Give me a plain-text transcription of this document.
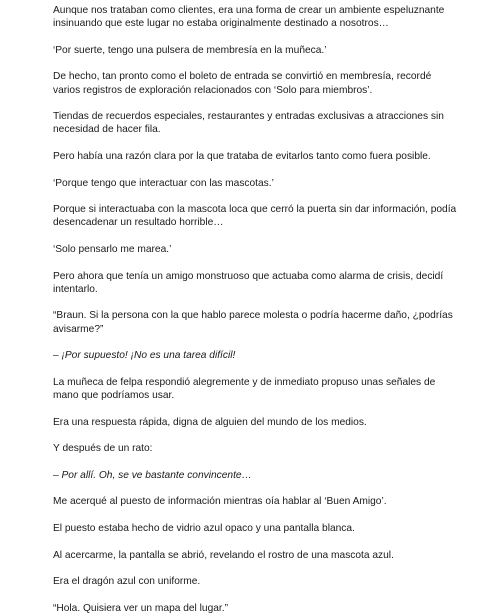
Aunque nos trataban como clientes, era una forma de crear un ambiente espeluznante insinuando que este lugar no estaba originalmente destinado a nosotros…

‘Por suerte, tengo una pulsera de membresía en la muñeca.’

De hecho, tan pronto como el boleto de entrada se convirtió en membresía, recordé varios registros de exploración relacionados con ‘Solo para miembros’.

Tiendas de recuerdos especiales, restaurantes y entradas exclusivas a atracciones sin necesidad de hacer fila.

Pero había una razón clara por la que trataba de evitarlos tanto como fuera posible.

‘Porque tengo que interactuar con las mascotas.’

Porque si interactuaba con la mascota loca que cerró la puerta sin dar información, podía desencadenar un resultado horrible…

‘Solo pensarlo me marea.’

Pero ahora que tenía un amigo monstruoso que actuaba como alarma de crisis, decidí intentarlo.

“Braun. Si la persona con la que hablo parece molesta o podría hacerme daño, ¿podrías avisarme?”

– ¡Por supuesto! ¡No es una tarea difícil!

La muñeca de felpa respondió alegremente y de inmediato propuso unas señales de mano que podríamos usar.

Era una respuesta rápida, digna de alguien del mundo de los medios.

Y después de un rato:

– Por allí. Oh, se ve bastante convincente…

Me acerqué al puesto de información mientras oía hablar al ‘Buen Amigo’.

El puesto estaba hecho de vidrio azul opaco y una pantalla blanca.

Al acercarme, la pantalla se abrió, revelando el rostro de una mascota azul.

Era el dragón azul con uniforme.

“Hola. Quisiera ver un mapa del lugar.”
